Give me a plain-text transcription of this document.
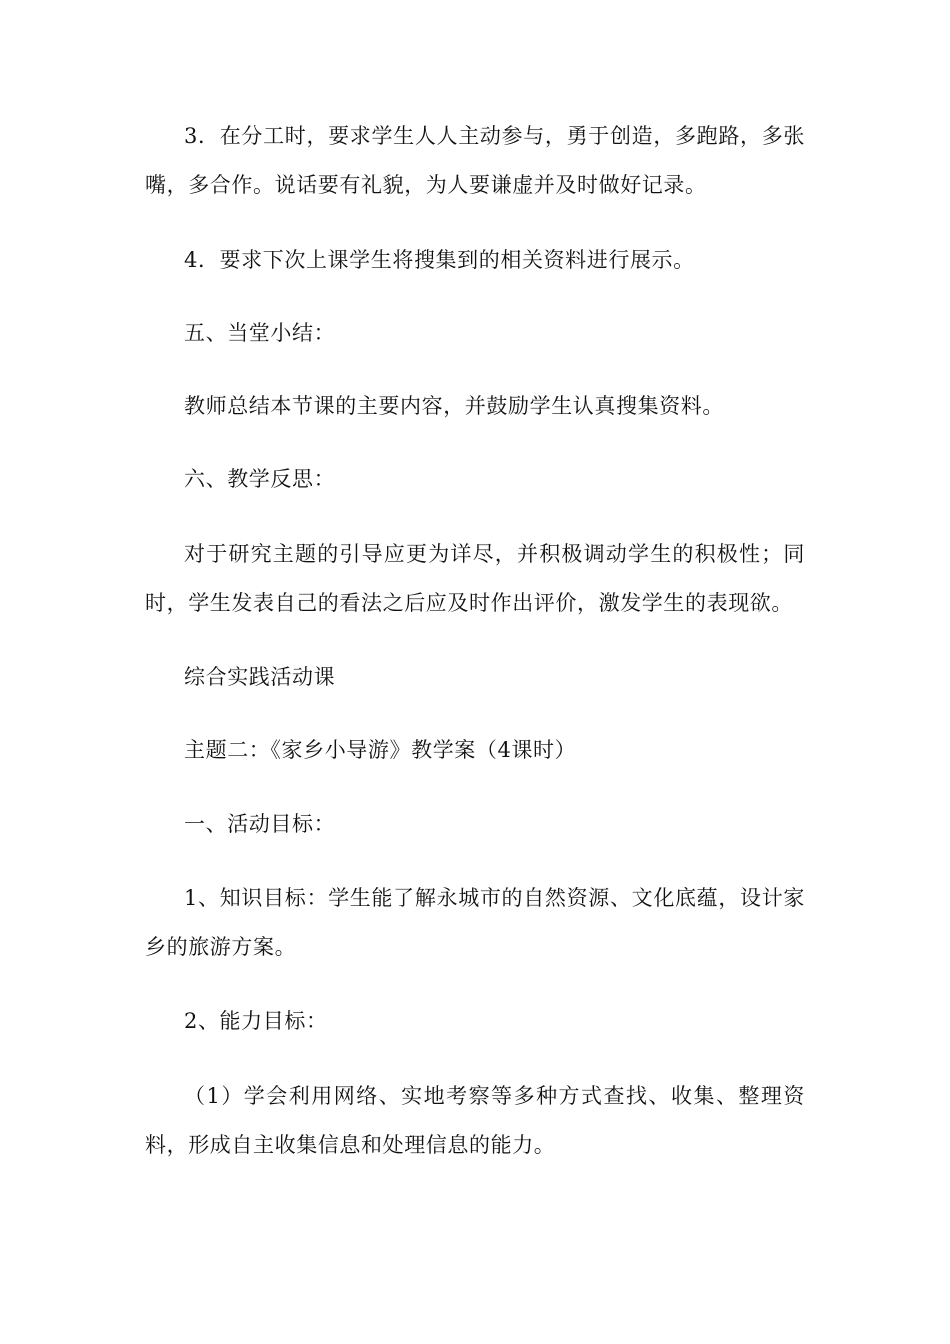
3．在分工时，要求学生人人主动参与，勇于创造，多跑路，多张嘴，多合作。说话要有礼貌，为人要谦虚并及时做好记录。

4．要求下次上课学生将搜集到的相关资料进行展示。

五、当堂小结：

教师总结本节课的主要内容，并鼓励学生认真搜集资料。

六、教学反思：

对于研究主题的引导应更为详尽，并积极调动学生的积极性；同时，学生发表自己的看法之后应及时作出评价，激发学生的表现欲。

综合实践活动课

主题二：《家乡小导游》教学案（4课时）

一、活动目标：

1、知识目标：学生能了解永城市的自然资源、文化底蕴，设计家乡的旅游方案。

2、能力目标：

（1）学会利用网络、实地考察等多种方式查找、收集、整理资料，形成自主收集信息和处理信息的能力。
